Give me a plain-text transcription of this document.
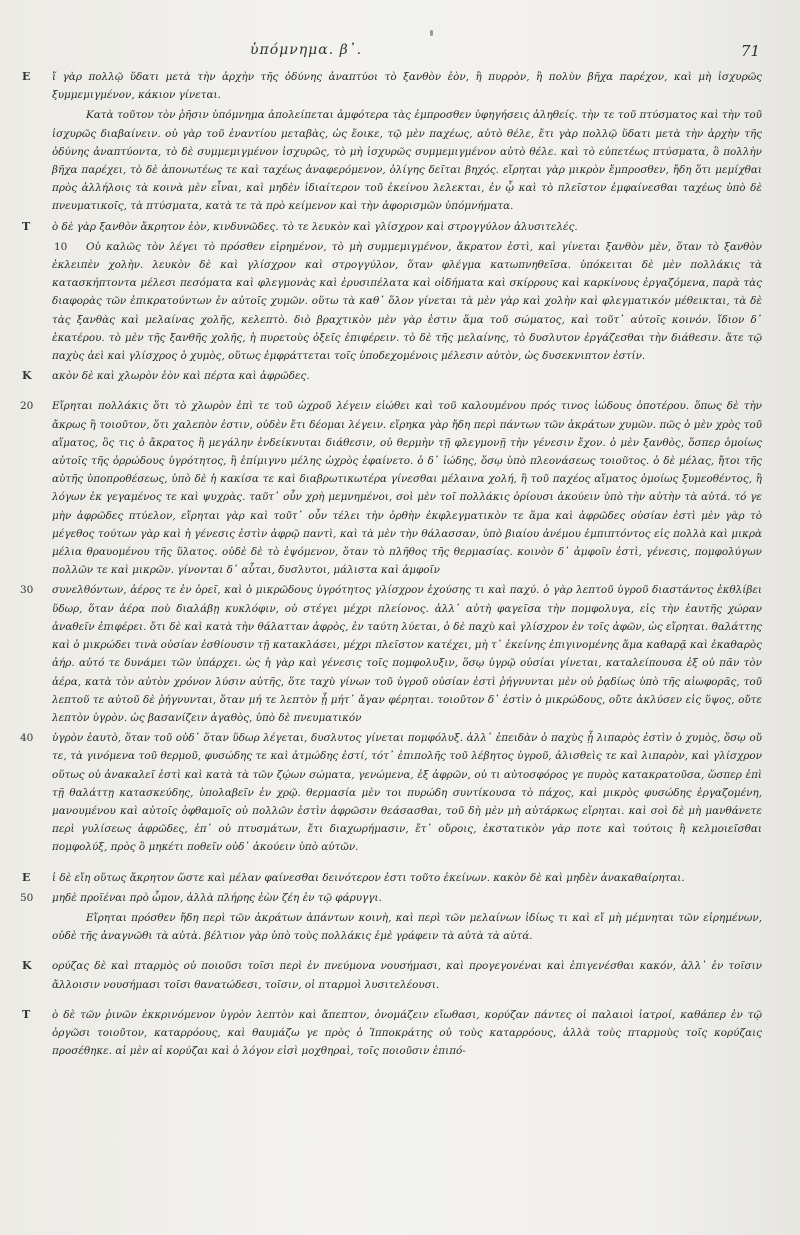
ὑπόμνημα. β᾽.	71

Ε ἴ γὰρ πολλῷ ὕδατι μετὰ τὴν ἀρχὴν τῆς ὀδύνης ἀναπτύοι τὸ ξανθὸν ἐὸν, ἢ πυρρὸν, ἢ πολὺν βῆχα παρέχον, καὶ μὴ ἰσχυρῶς ξυμμεμιγμένον, κάκιον γίνεται.

Κατὰ τοῦτον τὸν ῥῆσιν ὑπόμνημα ἀπολείπεται ἀμφότερα τὰς ἐμπροσθεν ὑφηγήσεις ἀληθείς. τὴν τε τοῦ πτύσματος καὶ τὴν τοῦ ἰσχυρῶς διαβαίνειν. οὐ γὰρ τοῦ ἐναντίου μεταβὰς, ὡς ἔοικε, τῷ μὲν παχέως, αὐτὸ θέλε, ἔτι γὰρ πολλῷ ὕδατι μετὰ τὴν ἀρχὴν τῆς ὀδύνης ἀναπτύοντα, τὸ δὲ συμμεμιγμένον ἰσχυρῶς, τὸ μὴ ἰσχυρῶς συμμεμιγμένον αὐτὸ θέλε. καὶ τὸ εὐπετέως πτύσματα, ὃ πολλὴν βῆχα παρέχει, τὸ δὲ ἀπονωτέως τε καὶ ταχέως ἀναφερόμενον, ὀλίγης δεῖται βηχός. εἴρηται γὰρ μικρὸν ἔμπροσθεν, ἤδη ὅτι μεμίχθαι πρὸς ἀλλήλοις τὰ κοινὰ μὲν εἶναι, καὶ μηδὲν ἰδιαίτερον τοῦ ἐκείνου λελεκται, ἐν ᾧ καὶ τὸ πλεῖστον ἐμφαίνεσθαι ταχέως ὑπὸ δὲ πνευματικοῖς, τὰ πτύσματα, κατὰ τε τὰ πρὸ κείμενον καὶ τὴν ἀφορισμῶν ὑπόμνήματα.

Τ ὸ δὲ γὰρ ξανθὸν ἄκρητον ἐὸν, κινδυνῶδες. τὸ τε λευκὸν καὶ γλίσχρον καὶ στρογγύλον ἀλυσιτελές.

10 Οὐ καλῶς τὸν λέγει τὸ πρόσθεν εἰρημένον, τὸ μὴ συμμεμιγμένον, ἄκρατον ἐστὶ, καὶ γίνεται ξανθὸν μὲν, ὅταν τὸ ξανθὸν ἐκλειπὲν χολὴν. λευκὸν δὲ καὶ γλίσχρον καὶ στρογγύλον, ὅταν φλέγμα κατωπνηθεῖσα. ὑπόκειται δὲ μὲν πολλάκις τὰ κατασκήπτοντα μέλεσι πεσόματα καὶ φλεγμονὰς καὶ ἐρυσιπέλατα καὶ οἰδήματα καὶ σκίρρους καὶ καρκίνους ἐργαζόμενα, παρὰ τὰς διαφορὰς τῶν ἐπικρατούντων ἐν αὐτοῖς χυμῶν. οὕτω τὰ καθ᾿ ὅλον γίνεται τὰ μὲν γὰρ καὶ χολὴν καὶ φλεγματικόν μέθεικται, τὰ δὲ τὰς ξανθὰς καὶ μελαίνας χολῆς, κελεπτὸ. διὸ βραχτικὸν μὲν γὰρ ἐστιν ἅμα τοῦ σώματος, καὶ τοῦτ᾿ αὐτοῖς κοινόν. ἴδιον δ᾿ ἑκατέρου. τὸ μὲν τῆς ξανθῆς χολῆς, ἡ πυρετοὺς ὀξεῖς ἐπιφέρειν. τὸ δὲ τῆς μελαίνης, τὸ δυσλυτον ἐργάζεσθαι τὴν διάθεσιν. ἅτε τῷ παχὺς ἀεὶ καὶ γλίσχρος ὁ χυμὸς, οὕτως ἐμφράττεται τοῖς ὑποδεχομένοις μέλεσιν αὐτὸν, ὡς δυσεκνιπτον ἐστίν.

Κ ακὸν δὲ καὶ χλωρὸν ἐὸν καὶ πέρτα καὶ ἀφρῶδες.

20 Εἴρηται πολλάκις ὅτι τὸ χλωρὸν ἐπὶ τε τοῦ ὠχροῦ λέγειν εἰώθει καὶ τοῦ καλουμένου πρός τινος ἰώδους ὁποτέρου. ὅπως δὲ τὴν ἄκρως ἢ τοιοῦτον, ὅτι χαλεπὸν ἐστιν, οὐδὲν ἔτι δέομαι λέγειν. εἴρηκα γὰρ ἤδη περὶ πάντων τῶν ἀκράτων χυμῶν. πῶς ὁ μὲν χρὸς τοῦ αἵματος, ὃς τις ὁ ἄκρατος ἢ μεγάλην ἐνδείκνυται διάθεσιν, οὐ θερμὴν τῇ φλεγμονῇ τὴν γένεσιν ἔχον. ὁ μὲν ξανθὸς, ὅσπερ ὁμοίως αὐτοῖς τῆς ὀρρώδους ὑγρότητος, ἢ ἐπίμιγνυ μέλης ὠχρὸς ἐφαίνετο. ὁ δ᾿ ἰώδης, ὅσῳ ὑπὸ πλεονάσεως τοιοῦτος. ὁ δὲ μέλας, ἤτοι τῆς αὐτῆς ὑποπροθέσεως, ὑπὸ δὲ ἡ κακίσα τε καὶ διαβρωτικωτέρα γίνεσθαι μέλαινα χολή, ἢ τοῦ παχέος αἵματος ὁμοίως ξυμεοθέντος, ἢ λόγων ἐκ γεγαμένος τε καὶ ψυχρὰς. ταῦτ᾿ οὖν χρὴ μεμνημένοι, σοὶ μὲν τοῖ πολλάκις ὁρίουσι ἀκούειν ὑπὸ τὴν αὐτὴν τὰ αὐτά. τό γε μὴν ἀφρῶδες πτύελον, εἴρηται γὰρ καὶ τοῦτ᾿ οὖν τέλει τὴν ὀρθὴν ἐκφλεγματικὸν τε ἅμα καὶ ἀφρῶδες οὐσίαν ἐστὶ μὲν γὰρ τὸ μέγεθος τούτων γὰρ καὶ ἡ γένεσις ἐστὶν ἀφρῷ παντὶ, καὶ τὰ μὲν τὴν θάλασσαν, ὑπὸ βιαίου ἀνέμου ἐμπιπτόντος εἰς πολλὰ καὶ μικρὰ μέλια θραυομένου τῆς ὕλατος. οὐδὲ δὲ τὸ ἐψόμενον, ὅταν τὸ πλῆθος τῆς θερμασίας. κοινὸν δ᾿ ἀμφοῖν ἐστὶ, γένεσις, πομφολύγων πολλῶν τε καὶ μικρῶν. γίνονται δ᾿ αὗται, δυσλυτοι, μάλιστα καὶ ἀμφοῖν

30 συνελθόντων, ἀέρος τε ἐν ὁρεῖ, καὶ ὁ μικρῶδους ὑγρότητος γλίσχρον ἐχούσης τι καὶ παχύ. ὁ γὰρ λεπτοῦ ὑγροῦ διαστάντος ἐκθλίβει ὕδωρ, ὅταν ἀέρα ποὺ διαλάβῃ κυκλόφιν, οὐ στέγει μέχρι πλείονος. ἀλλ᾿ αὐτὴ φαγεῖσα τὴν πομφολυγα, εἰς τὴν ἑαυτῆς χώραν ἀναθεῖν ἐπιφέρει. ὅτι δὲ καὶ κατὰ τὴν θάλατταν ἀφρὸς, ἐν ταύτη λύεται, ὁ δὲ παχὺ καὶ γλίσχρον ἐν τοῖς ἀφῶν, ὡς εἴρηται. θαλάττης καὶ ὁ μικρώδει τινὰ οὐσίαν ἐσθίουσιν τῇ κατακλάσει, μέχρι πλεῖστον κατέχει, μὴ τ᾿ ἐκείνης ἐπιγινομένης ἅμα καθαρᾷ καὶ ἐκαθαρὸς ἀήρ. αὐτό τε δυνάμει τῶν ὑπάρχει. ὡς ἡ γὰρ καὶ γένεσις τοῖς πομφολυξιν, ὅσῳ ὑγρῷ οὐσίαι γίνεται, καταλείπουσα ἐξ οὐ πᾶν τὸν ἀέρα, κατὰ τὸν αὐτὸν χρόνον λύσιν αὐτῆς, ὅτε ταχὺ γίνων τοῦ ὑγροῦ οὐσίαν ἐστὶ ῥήγνυνται μὲν οὐ ῥᾳδίως ὑπὸ τῆς αἰωφορᾶς, τοῦ λεπτοῦ τε αὐτοῦ δὲ ῥήγνυνται, ὅταν μή τε λεπτὸν ᾖ μήτ᾿ ἄγαν φέρηται. τοιοῦτον δ᾿ ἐστὶν ὁ μικρώδους, οὔτε ἀκλύσεν εἰς ὕψος, οὔτε λεπτὸν ὑγρὸν. ὡς βασανίζειν ἀγαθὸς, ὑπὸ δὲ πνευματικόν

40 ὑγρὸν ἑαυτὸ, ὅταν τοῦ οὐδ᾿ ὅταν ὕδωρ λέγεται, δυσλυτος γίνεται πομφόλυξ. ἀλλ᾿ ἐπειδὰν ὁ παχὺς ᾖ λιπαρὸς ἐστὶν ὁ χυμὸς, ὅσῳ οὔ τε, τὰ γινόμενα τοῦ θερμοῦ, φυσώδης τε καὶ ἀτμώδης ἐστί, τότ᾿ ἐπιπολῆς τοῦ λέβητος ὑγροῦ, ἀλισθεὶς τε καὶ λιπαρὸν, καὶ γλίσχρον οὕτως οὐ ἀνακαλεῖ ἐστὶ καὶ κατὰ τὰ τῶν ζῴων σώματα, γενώμενα, ἐξ ἀφρῶν, οὐ τι αὐτοσφόρος γε πυρὸς κατακρατοῦσα, ὥσπερ ἐπὶ τῇ θαλάττῃ κατασκεύδης, ὑπολαβεῖν ἐν χρῷ. θερμασία μὲν τοι πυρώδη συντίκουσα τὸ πάχος, καὶ μικρὸς φυσώδης ἐργαζομένη, μανουμένου καὶ αὐτοῖς ὀφθαμοῖς οὐ πολλῶν ἐστὶν ἀφρῶσιν θεάσασθαι, τοῦ δὴ μὲν μὴ αὐτάρκως εἴρηται. καὶ σοὶ δὲ μὴ μανθάνετε περὶ γυλίσεως ἀφρῶδες, ἐπ᾿ οὐ πτυσμάτων, ἔτι διαχωρήμασιν, ἔτ᾿ οὔροις, ἐκστατικὸν γὰρ ποτε καὶ τούτοις ἢ κελμοιεῖσθαι πομφολύξ, πρὸς ὃ μηκέτι ποθεῖν οὐδ᾿ ἀκούειν ὑπὸ αὐτῶν.

Ε ἰ δὲ εἴη οὕτως ἄκρητον ὥστε καὶ μέλαν φαίνεσθαι δεινότερον ἐστι τοῦτο ἐκείνων. κακὸν δὲ καὶ μηδὲν ἀνακαθαίρηται.

50 μηδὲ προϊέναι πρὸ ὦμον, ἀλλὰ πλήρης ἐὼν ζέη ἐν τῷ φάρυγγι.

Εἴρηται πρόσθεν ἤδη περὶ τῶν ἀκράτων ἁπάντων κοινὴ, καὶ περὶ τῶν μελαίνων ἰδίως τι καὶ εἴ μὴ μέμνηται τῶν εἰρημένων, οὐδὲ τῆς ἀναγνῶθι τὰ αὐτὰ. βέλτιον γὰρ ὑπὸ τοὺς πολλάκις ἐμὲ γράφειν τὰ αὐτὰ τὰ αὐτά.

Κ ορύζας δὲ καὶ πταρμὸς οὐ ποιοῦσι τοῖσι περὶ ἐν πνεύμονα νουσήμασι, καὶ προγεγονέναι καὶ ἐπιγενέσθαι κακόν, ἀλλ᾿ ἐν τοῖσιν ἄλλοισιν νουσήμασι τοῖσι θανατώδεσι, τοῖσιν, οἱ πταρμοὶ λυσιτελέουσι.

Τ ὸ δὲ τῶν ῥινῶν ἐκκρινόμενον ὑγρὸν λεπτὸν καὶ ἄπεπτον, ὀνομάζειν εἴωθασι, κορύζαν πάντες οἱ παλαιοὶ ἰατροί, καθάπερ ἐν τῷ ὀργῶσι τοιοῦτον, καταρρόους, καὶ θαυμάζω γε πρὸς ὁ Ἱπποκράτης οὐ τοὺς καταρρόους, ἀλλὰ τοὺς πταρμοὺς τοῖς κορύζαις προσέθηκε. αἱ μὲν αἱ κορύζαι καὶ ὁ λόγον εἰσὶ μοχθηραὶ, τοῖς ποιοῦσιν ἐπιπό-
